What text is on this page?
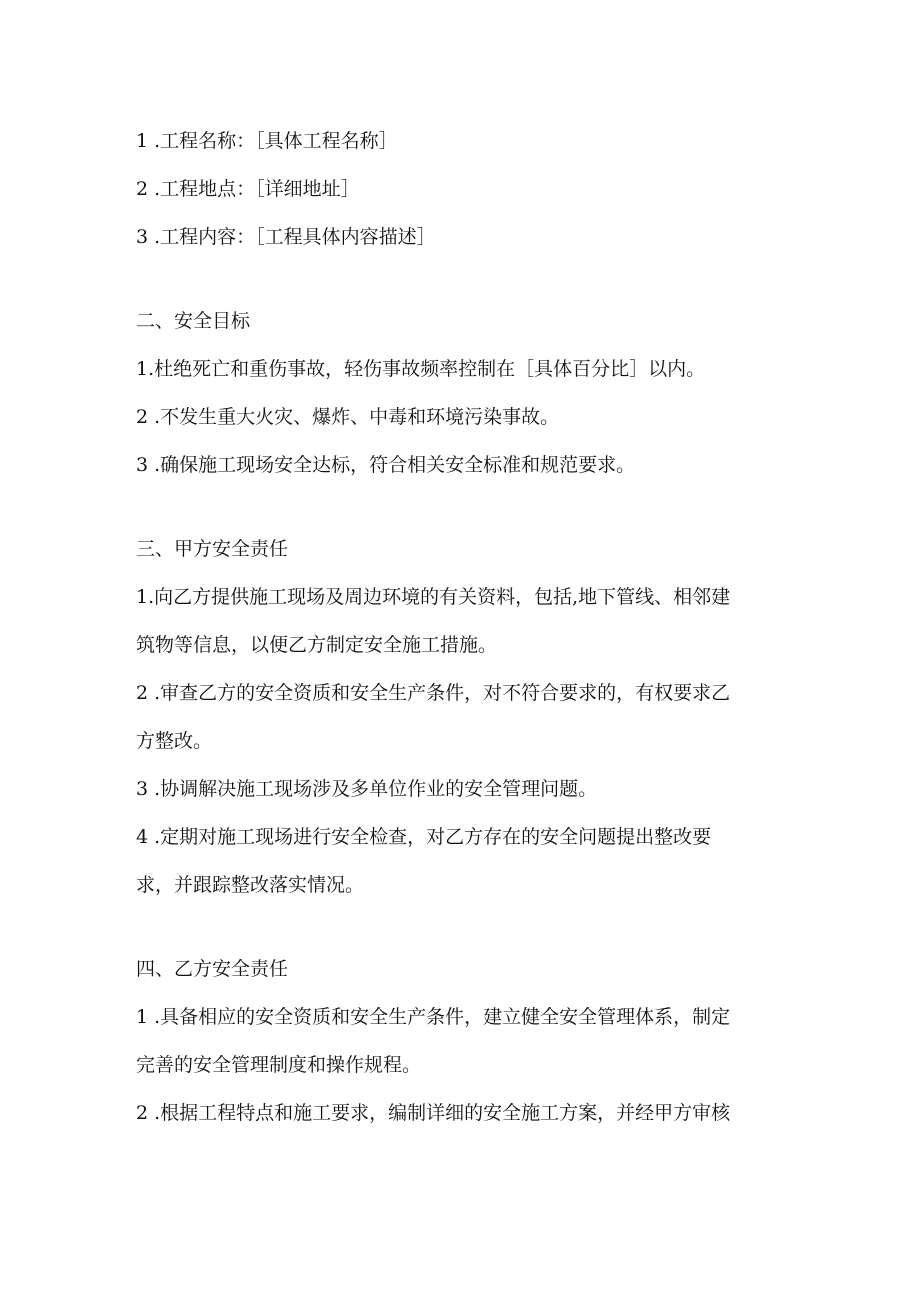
1 .工程名称：［具体工程名称］
2 .工程地点：［详细地址］
3 .工程内容：［工程具体内容描述］
二、安全目标
1.杜绝死亡和重伤事故，轻伤事故频率控制在［具体百分比］以内。
2 .不发生重大火灾、爆炸、中毒和环境污染事故。
3 .确保施工现场安全达标，符合相关安全标准和规范要求。
三、甲方安全责任
1.向乙方提供施工现场及周边环境的有关资料，包括,地下管线、相邻建
筑物等信息，以便乙方制定安全施工措施。
2 .审查乙方的安全资质和安全生产条件，对不符合要求的，有权要求乙
方整改。
3 .协调解决施工现场涉及多单位作业的安全管理问题。
4 .定期对施工现场进行安全检查，对乙方存在的安全问题提出整改要
求，并跟踪整改落实情况。
四、乙方安全责任
1 .具备相应的安全资质和安全生产条件，建立健全安全管理体系，制定
完善的安全管理制度和操作规程。
2 .根据工程特点和施工要求，编制详细的安全施工方案，并经甲方审核
